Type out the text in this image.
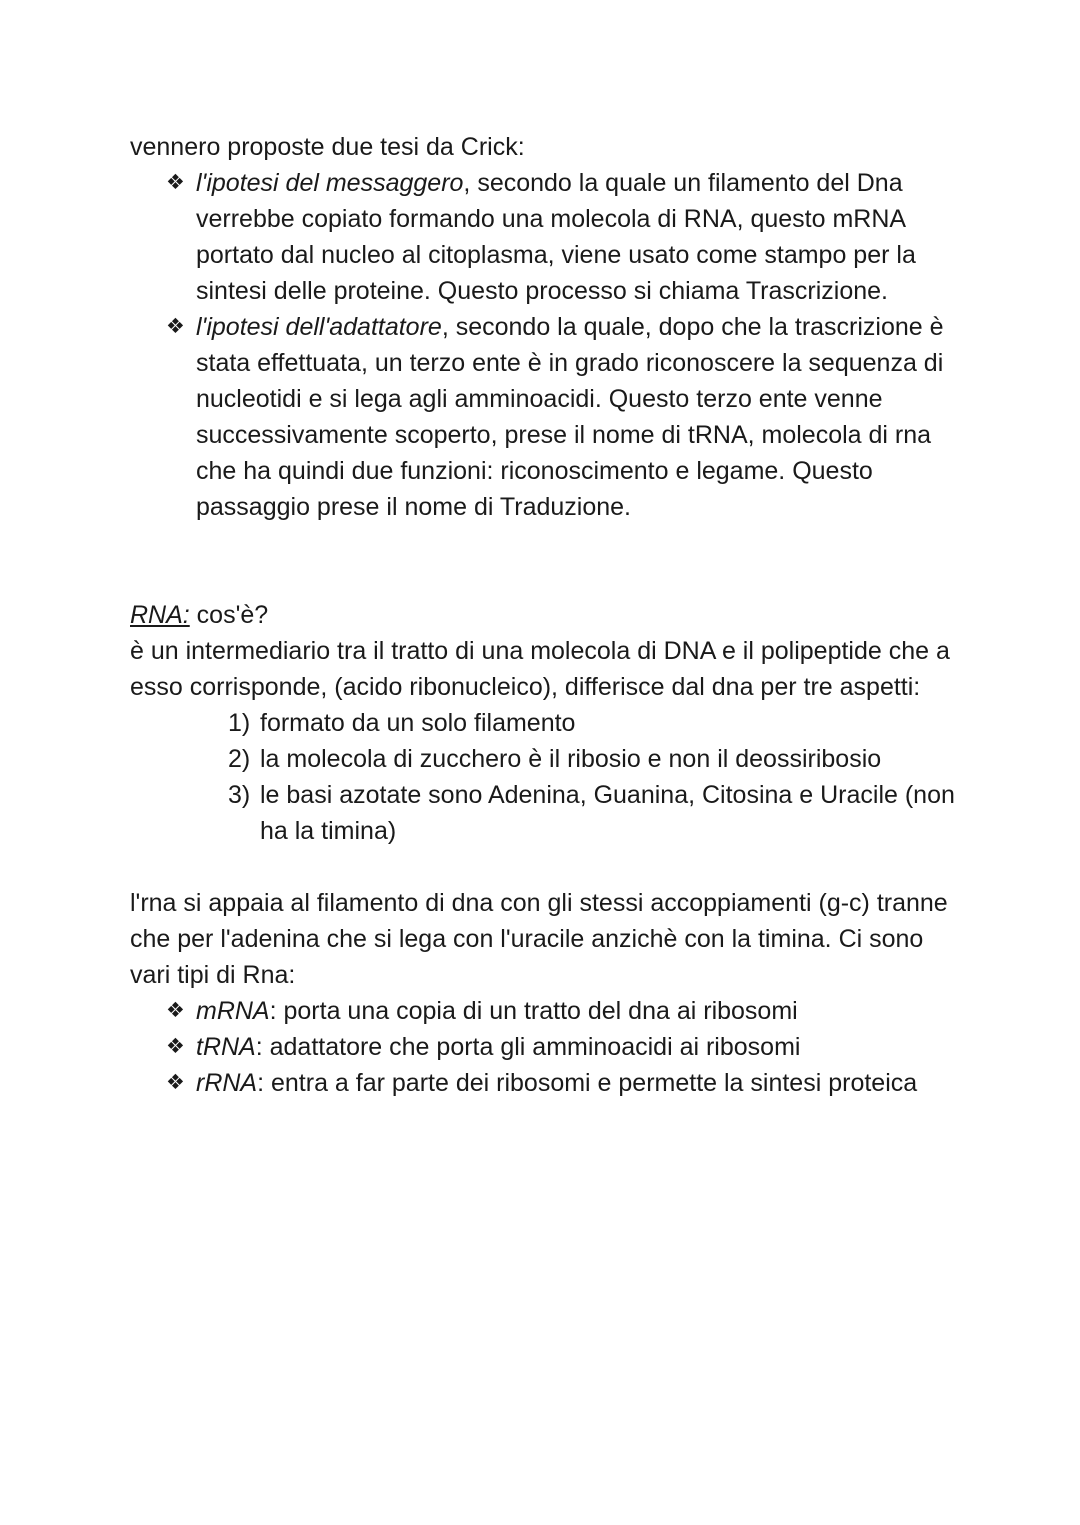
vennero proposte due tesi da Crick:

❖ l'ipotesi del messaggero, secondo la quale un filamento del Dna verrebbe copiato formando una molecola di RNA, questo mRNA portato dal nucleo al citoplasma, viene usato come stampo per la sintesi delle proteine. Questo processo si chiama Trascrizione.
❖ l'ipotesi dell'adattatore, secondo la quale, dopo che la trascrizione è stata effettuata, un terzo ente è in grado riconoscere la sequenza di nucleotidi e si lega agli amminoacidi. Questo terzo ente venne successivamente scoperto, prese il nome di tRNA, molecola di rna che ha quindi due funzioni: riconoscimento e legame. Questo passaggio prese il nome di Traduzione.

RNA: cos'è?

è un intermediario tra il tratto di una molecola di DNA e il polipeptide che a esso corrisponde, (acido ribonucleico), differisce dal dna per tre aspetti:

1) formato da un solo filamento
2) la molecola di zucchero è il ribosio e non il deossiribosio
3) le basi azotate sono Adenina, Guanina, Citosina e Uracile (non ha la timina)

l'rna si appaia al filamento di dna con gli stessi accoppiamenti (g-c) tranne che per l'adenina che si lega con l'uracile anzichè con la timina. Ci sono vari tipi di Rna:

❖ mRNA: porta una copia di un tratto del dna ai ribosomi
❖ tRNA: adattatore che porta gli amminoacidi ai ribosomi
❖ rRNA: entra a far parte dei ribosomi e permette la sintesi proteica
